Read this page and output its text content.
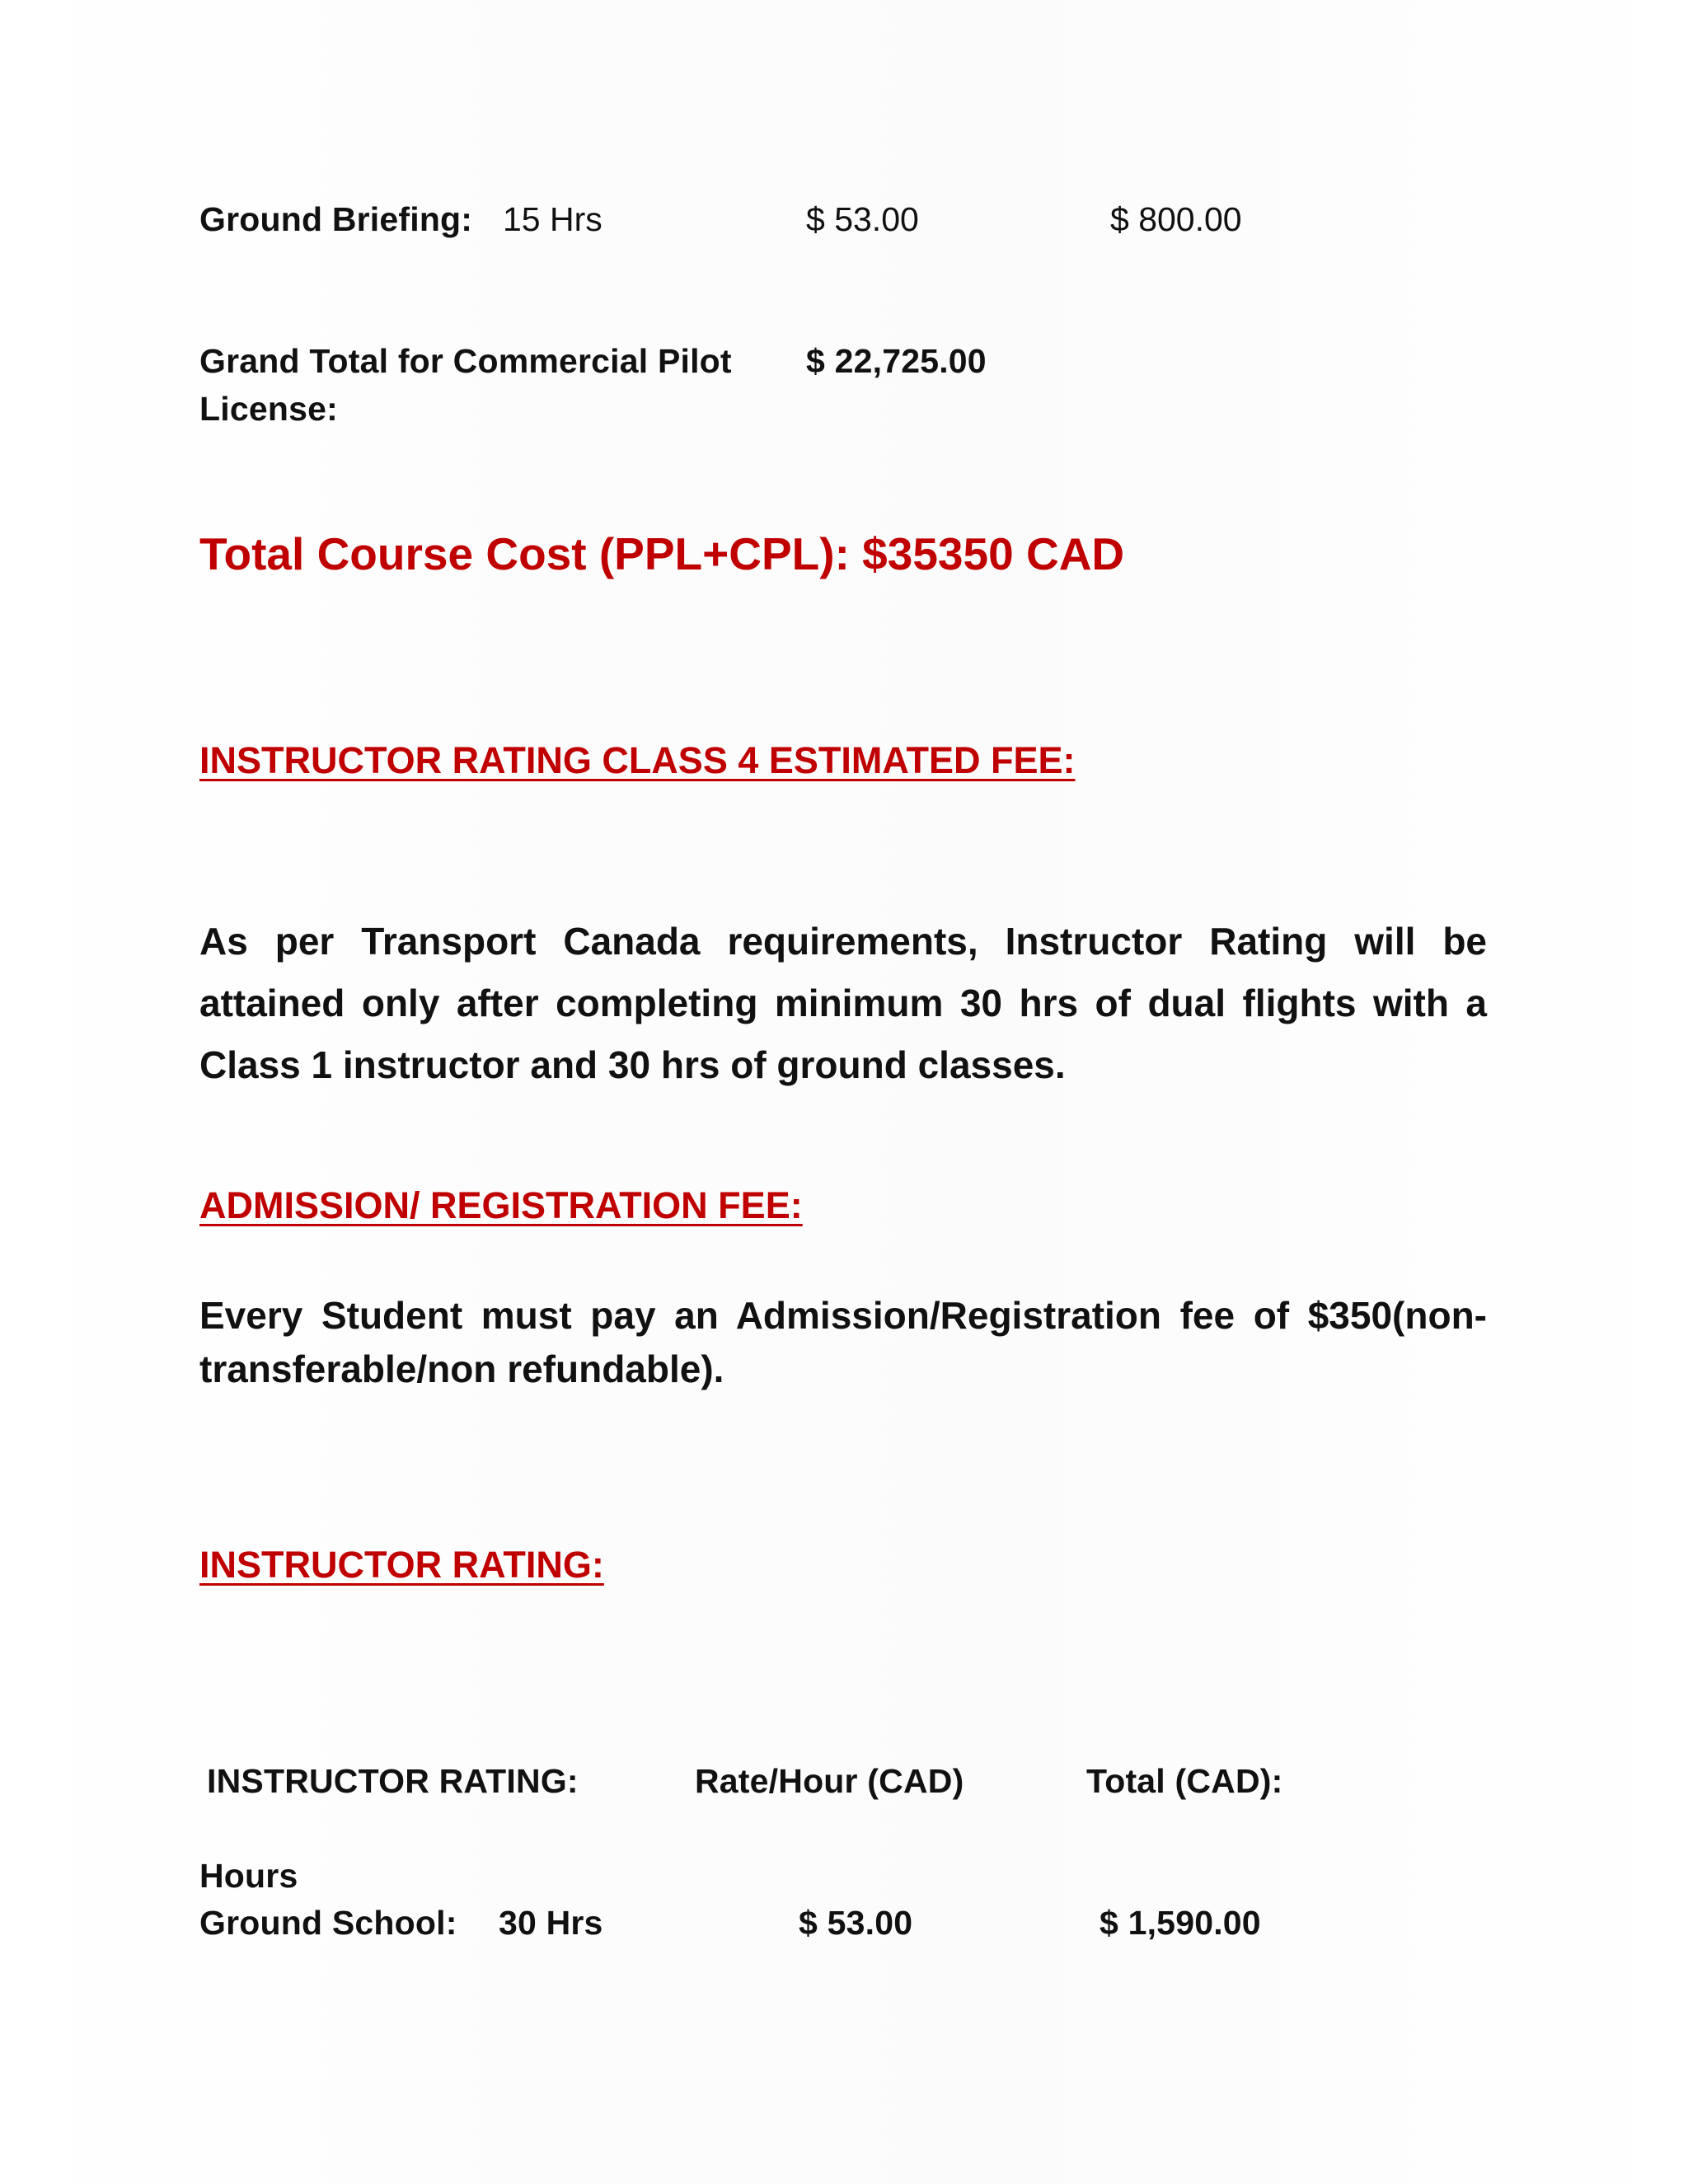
Ground Briefing: 15 Hrs	$ 53.00	$ 800.00
Grand Total for Commercial Pilot
License:
$ 22,725.00
Total Course Cost (PPL+CPL): $35350 CAD
INSTRUCTOR RATING CLASS 4 ESTIMATED FEE:
As per Transport Canada requirements, Instructor Rating will be attained only after completing minimum 30 hrs of dual flights with a Class 1 instructor and 30 hrs of ground classes.
ADMISSION/ REGISTRATION FEE:
Every Student must pay an Admission/Registration fee of $350(non-transferable/non refundable).
INSTRUCTOR RATING:
INSTRUCTOR RATING:	Rate/Hour (CAD)	Total (CAD):
Hours
Ground School: 30 Hrs	$ 53.00	$ 1,590.00
